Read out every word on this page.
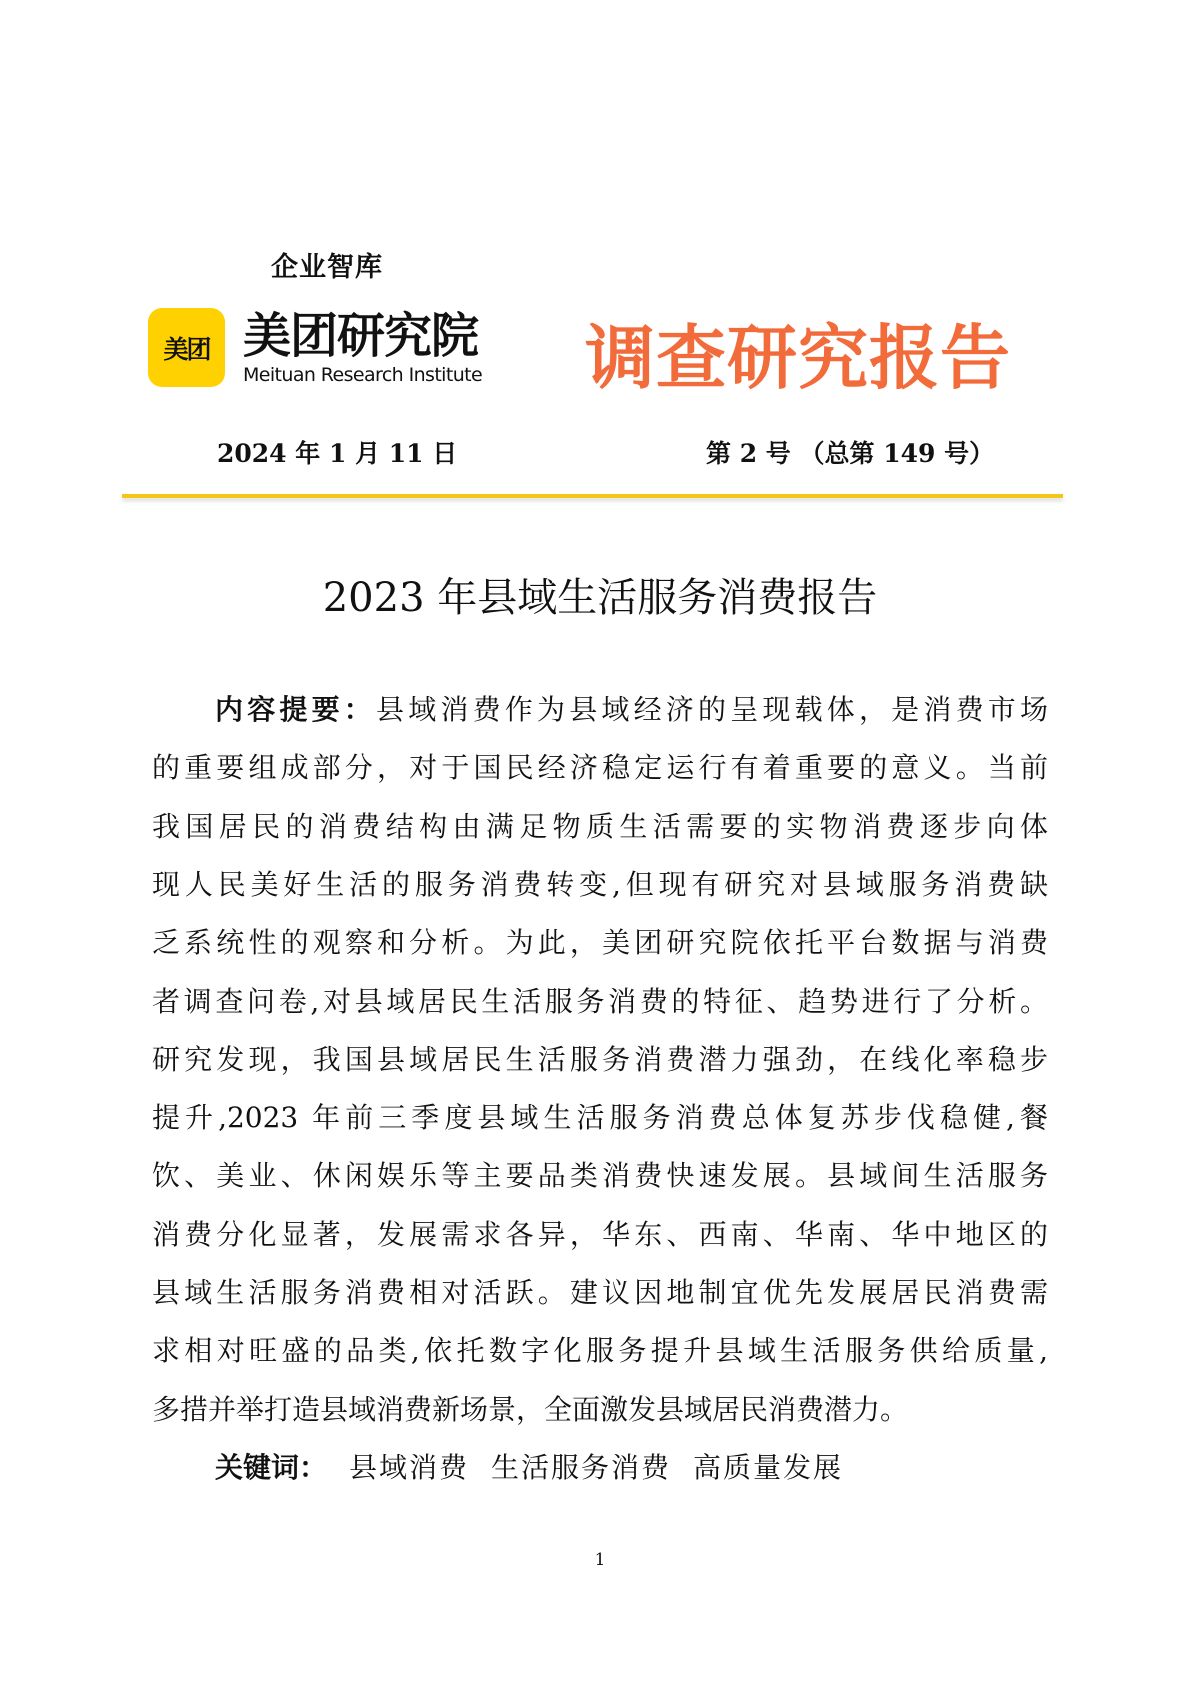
企业智库
美团 美团研究院
Meituan Research Institute 调查研究报告
2024 年 1 月 11 日	第 2 号 （总第 149 号）
2023 年县域生活服务消费报告
内容提要：县域消费作为县域经济的呈现载体，是消费市场
的重要组成部分，对于国民经济稳定运行有着重要的意义。当前
我国居民的消费结构由满足物质生活需要的实物消费逐步向体
现人民美好生活的服务消费转变,但现有研究对县域服务消费缺
乏系统性的观察和分析。为此，美团研究院依托平台数据与消费
者调查问卷,对县域居民生活服务消费的特征、趋势进行了分析。
研究发现，我国县域居民生活服务消费潜力强劲，在线化率稳步
提升,2023 年前三季度县域生活服务消费总体复苏步伐稳健,餐
饮、美业、休闲娱乐等主要品类消费快速发展。县域间生活服务
消费分化显著，发展需求各异，华东、西南、华南、华中地区的
县域生活服务消费相对活跃。建议因地制宜优先发展居民消费需
求相对旺盛的品类,依托数字化服务提升县域生活服务供给质量,
多措并举打造县域消费新场景，全面激发县域居民消费潜力。
关键词： 县域消费 生活服务消费 高质量发展
1
